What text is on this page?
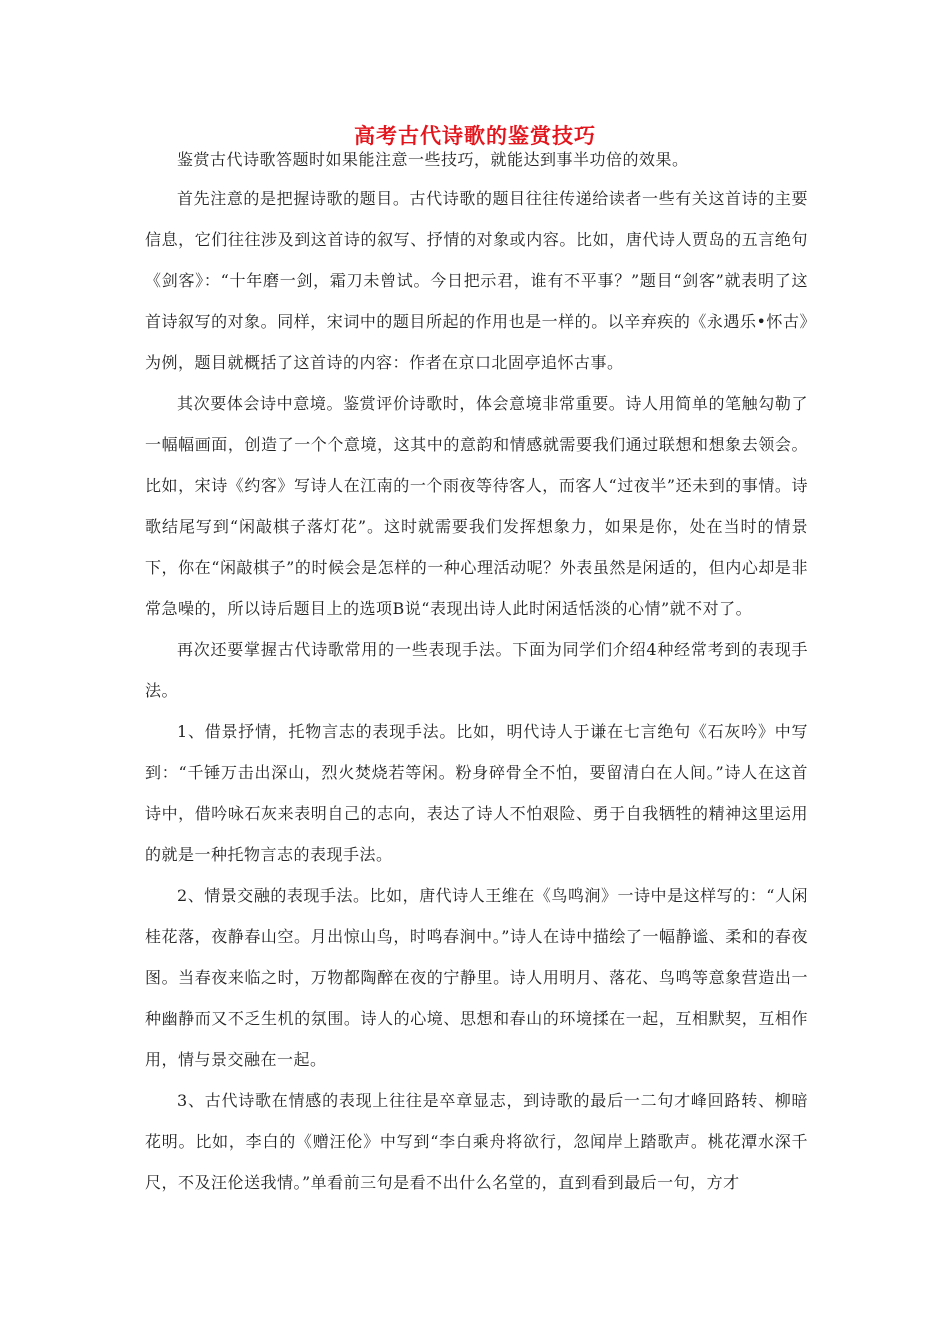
高考古代诗歌的鉴赏技巧

鉴赏古代诗歌答题时如果能注意一些技巧，就能达到事半功倍的效果。

首先注意的是把握诗歌的题目。古代诗歌的题目往往传递给读者一些有关这首诗的主要信息，它们往往涉及到这首诗的叙写、抒情的对象或内容。比如，唐代诗人贾岛的五言绝句《剑客》：“十年磨一剑，霜刀未曾试。今日把示君，谁有不平事？”题目“剑客”就表明了这首诗叙写的对象。同样，宋词中的题目所起的作用也是一样的。以辛弃疾的《永遇乐•怀古》为例，题目就概括了这首诗的内容：作者在京口北固亭追怀古事。

其次要体会诗中意境。鉴赏评价诗歌时，体会意境非常重要。诗人用简单的笔触勾勒了一幅幅画面，创造了一个个意境，这其中的意韵和情感就需要我们通过联想和想象去领会。比如，宋诗《约客》写诗人在江南的一个雨夜等待客人，而客人“过夜半”还未到的事情。诗歌结尾写到“闲敲棋子落灯花”。这时就需要我们发挥想象力，如果是你，处在当时的情景下，你在“闲敲棋子”的时候会是怎样的一种心理活动呢？外表虽然是闲适的，但内心却是非常急噪的，所以诗后题目上的选项B说“表现出诗人此时闲适恬淡的心情”就不对了。

再次还要掌握古代诗歌常用的一些表现手法。下面为同学们介绍4种经常考到的表现手法。

1、借景抒情，托物言志的表现手法。比如，明代诗人于谦在七言绝句《石灰吟》中写到：“千锤万击出深山，烈火焚烧若等闲。粉身碎骨全不怕，要留清白在人间。”诗人在这首诗中，借吟咏石灰来表明自己的志向，表达了诗人不怕艰险、勇于自我牺牲的精神这里运用的就是一种托物言志的表现手法。

2、情景交融的表现手法。比如，唐代诗人王维在《鸟鸣涧》一诗中是这样写的：“人闲桂花落，夜静春山空。月出惊山鸟，时鸣春涧中。”诗人在诗中描绘了一幅静谧、柔和的春夜图。当春夜来临之时，万物都陶醉在夜的宁静里。诗人用明月、落花、鸟鸣等意象营造出一种幽静而又不乏生机的氛围。诗人的心境、思想和春山的环境揉在一起，互相默契，互相作用，情与景交融在一起。

3、古代诗歌在情感的表现上往往是卒章显志，到诗歌的最后一二句才峰回路转、柳暗花明。比如，李白的《赠汪伦》中写到“李白乘舟将欲行，忽闻岸上踏歌声。桃花潭水深千尺，不及汪伦送我情。”单看前三句是看不出什么名堂的，直到看到最后一句，方才
